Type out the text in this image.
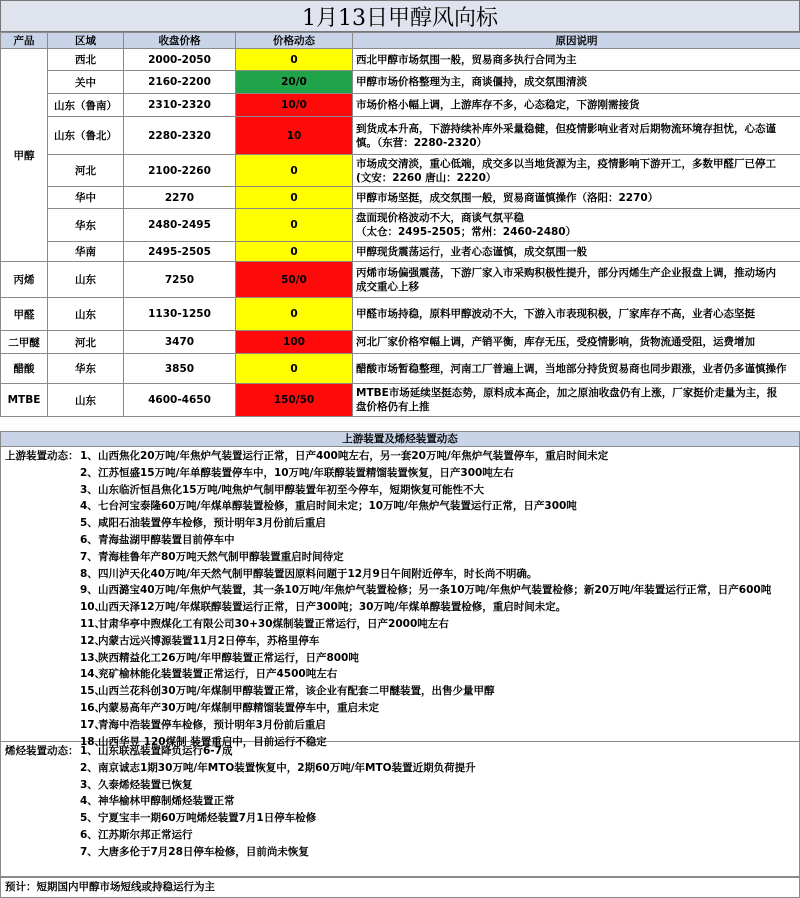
1月13日甲醇风向标
产品	区域	收盘价格	价格动态	原因说明
甲醇	西北	2000-2050	0	西北甲醇市场氛围一般，贸易商多执行合同为主

	关中	2160-2200	20/0	甲醇市场价格整理为主，商谈僵持，成交氛围清淡

	山东（鲁南）	2310-2320	10/0	市场价格小幅上调，上游库存不多，心态稳定，下游刚需接货

	山东（鲁北）	2280-2320	10	到货成本升高，下游持续补库外采量稳健，但疫情影响业者对后期物流环境存担忧，心态谨
慎。（东营：2280-2320）

	河北	2100-2260	0	市场成交清淡，重心低端，成交多以当地货源为主，疫情影响下游开工，多数甲醛厂已停工
(文安：2260 唐山：2220）

	华中	2270	0	甲醇市场坚挺，成交氛围一般，贸易商谨慎操作（洛阳：2270）

	华东	2480-2495	0	盘面现价格波动不大，商谈气氛平稳
（太仓：2495-2505；常州：2460-2480）

	华南	2495-2505	0	甲醇现货震荡运行，业者心态谨慎，成交氛围一般

丙烯	山东	7250	50/0	丙烯市场偏强震荡，下游厂家入市采购积极性提升，部分丙烯生产企业报盘上调，推动场内
成交重心上移

甲醛	山东	1130-1250	0	甲醛市场持稳，原料甲醇波动不大，下游入市表现积极，厂家库存不高，业者心态坚挺

二甲醚	河北	3470	100	河北厂家价格窄幅上调，产销平衡，库存无压，受疫情影响，货物流通受阻，运费增加

醋酸	华东	3850	0	醋酸市场暂稳整理，河南工厂普遍上调，当地部分持货贸易商也同步跟涨，业者仍多谨慎操作

MTBE	山东	4600-4650	150/50	MTBE市场延续坚挺态势，原料成本高企，加之原油收盘仍有上涨，厂家挺价走量为主，报
盘价格仍有上推
上游装置及烯烃装置动态
上游装置动态： 1、 山西焦化20万吨/年焦炉气装置运行正常，日产400吨左右，另一套20万吨/年焦炉气装置停车，重启时间未定
2、 江苏恒盛15万吨/年单醇装置停车中，10万吨/年联醇装置精馏装置恢复，日产300吨左右
3、 山东临沂恒昌焦化15万吨/吨焦炉气制甲醇装置年初至今停车，短期恢复可能性不大
4、 七台河宝泰隆60万吨/年煤单醇装置检修，重启时间未定；10万吨/年焦炉气装置运行正常，日产300吨
5、 咸阳石油装置停车检修，预计明年3月份前后重启
6、 青海盐湖甲醇装置目前停车中
7、 青海桂鲁年产80万吨天然气制甲醇装置重启时间待定
8、 四川泸天化40万吨/年天然气制甲醇装置因原料问题于12月9日午间附近停车，时长尚不明确。
9、 山西潞宝40万吨/年焦炉气装置，其一条10万吨/年焦炉气装置检修；另一条10万吨/年焦炉气装置检修；新20万吨/年装置运行正常，日产600吨
10、
山西天泽12万吨/年煤联醇装置运行正常，日产300吨；30万吨/年煤单醇装置检修，重启时间未定。
11、
甘肃华亭中煦煤化工有限公司30+30煤制装置正常运行，日产2000吨左右
12、
内蒙古远兴博源装置11月2日停车，苏格里停车
13、
陕西精益化工26万吨/年甲醇装置正常运行，日产800吨
14、
兖矿榆林能化装置装置正常运行，日产4500吨左右
15、
山西兰花科创30万吨/年煤制甲醇装置正常，该企业有配套二甲醚装置，出售少量甲醇
16、
内蒙易高年产30万吨/年煤制甲醇精馏装置停车中，重启未定
17、
青海中浩装置停车检修，预计明年3月份前后重启
18、
山西华昱 120煤制 装置重启中，目前运行不稳定
烯烃装置动态： 1、 山东联泓装置降负运行6-7成
2、 南京诚志1期30万吨/年MTO装置恢复中，2期60万吨/年MTO装置近期负荷提升
3、 久泰烯烃装置已恢复
4、 神华榆林甲醇制烯烃装置正常
5、 宁夏宝丰一期60万吨烯烃装置7月1日停车检修
6、 江苏斯尔邦正常运行
7、 大唐多伦于7月28日停车检修，目前尚未恢复
预计：短期国内甲醇市场短线或持稳运行为主
